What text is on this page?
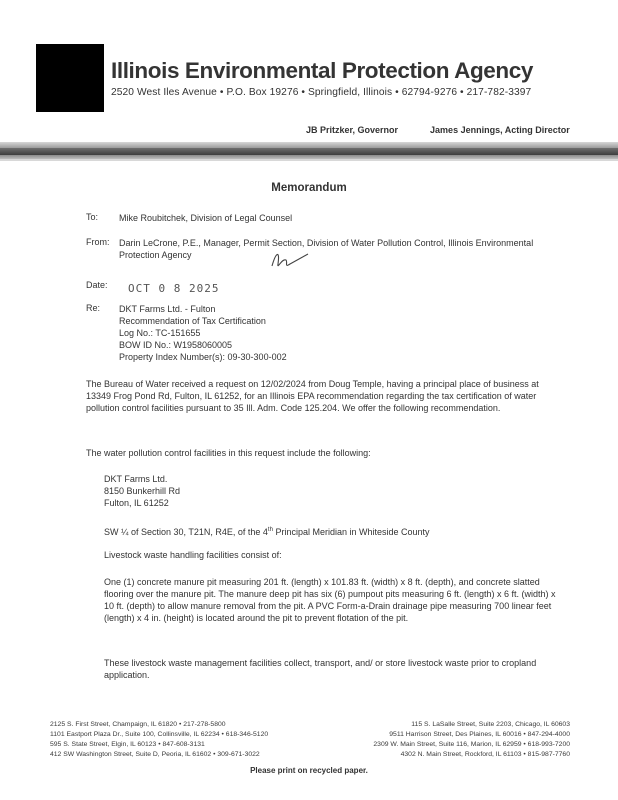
Illinois Environmental Protection Agency
2520 West Iles Avenue • P.O. Box 19276 • Springfield, Illinois • 62794-9276 • 217-782-3397
JB Pritzker, Governor	James Jennings, Acting Director
Memorandum
To: Mike Roubitchek, Division of Legal Counsel
From: Darin LeCrone, P.E., Manager, Permit Section, Division of Water Pollution Control, Illinois Environmental Protection Agency
Date: OCT 0 8 2025
Re: DKT Farms Ltd. - Fulton
Recommendation of Tax Certification
Log No.: TC-151655
BOW ID No.: W1958060005
Property Index Number(s): 09-30-300-002
The Bureau of Water received a request on 12/02/2024 from Doug Temple, having a principal place of business at 13349 Frog Pond Rd, Fulton, IL 61252, for an Illinois EPA recommendation regarding the tax certification of water pollution control facilities pursuant to 35 Ill. Adm. Code 125.204. We offer the following recommendation.
The water pollution control facilities in this request include the following:
DKT Farms Ltd.
8150 Bunkerhill Rd
Fulton, IL 61252
SW ¼ of Section 30, T21N, R4E, of the 4th Principal Meridian in Whiteside County
Livestock waste handling facilities consist of:
One (1) concrete manure pit measuring 201 ft. (length) x 101.83 ft. (width) x 8 ft. (depth), and concrete slatted flooring over the manure pit. The manure deep pit has six (6) pumpout pits measuring 6 ft. (length) x 6 ft. (width) x 10 ft. (depth) to allow manure removal from the pit. A PVC Form-a-Drain drainage pipe measuring 700 linear feet (length) x 4 in. (height) is located around the pit to prevent flotation of the pit.
These livestock waste management facilities collect, transport, and/ or store livestock waste prior to cropland application.
2125 S. First Street, Champaign, IL 61820 • 217-278-5800
1101 Eastport Plaza Dr., Suite 100, Collinsville, IL 62234 • 618-346-5120
595 S. State Street, Elgin, IL 60123 • 847-608-3131
412 SW Washington Street, Suite D, Peoria, IL 61602 • 309-671-3022
115 S. LaSalle Street, Suite 2203, Chicago, IL 60603
9511 Harrison Street, Des Plaines, IL 60016 • 847-294-4000
2309 W. Main Street, Suite 116, Marion, IL 62959 • 618-993-7200
4302 N. Main Street, Rockford, IL 61103 • 815-987-7760
Please print on recycled paper.
